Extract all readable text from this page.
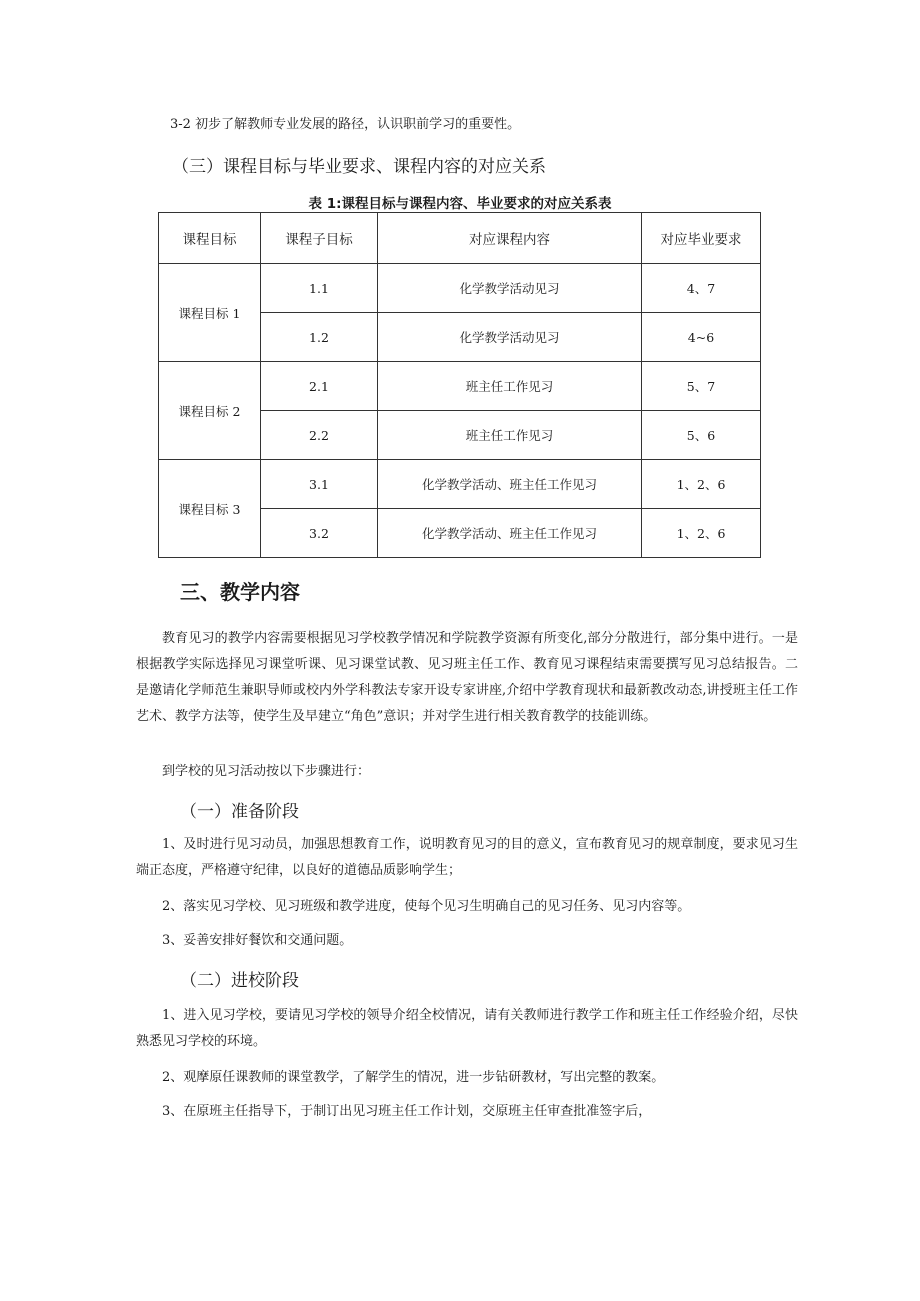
3-2 初步了解教师专业发展的路径，认识职前学习的重要性。
（三）课程目标与毕业要求、课程内容的对应关系
表 1:课程目标与课程内容、毕业要求的对应关系表
课程目标	课程子目标	对应课程内容	对应毕业要求
课程目标 1	1.1	化学教学活动见习	4、7
	1.2	化学教学活动见习	4~6
课程目标 2	2.1	班主任工作见习	5、7
	2.2	班主任工作见习	5、6
课程目标 3	3.1	化学教学活动、班主任工作见习	1、2、6
	3.2	化学教学活动、班主任工作见习	1、2、6
三、教学内容
教育见习的教学内容需要根据见习学校教学情况和学院教学资源有所变化,部分分散进行，部分集中进行。一是根据教学实际选择见习课堂听课、见习课堂试教、见习班主任工作、教育见习课程结束需要撰写见习总结报告。二是邀请化学师范生兼职导师或校内外学科教法专家开设专家讲座,介绍中学教育现状和最新教改动态,讲授班主任工作艺术、教学方法等，使学生及早建立“角色”意识；并对学生进行相关教育教学的技能训练。
到学校的见习活动按以下步骤进行：
（一）准备阶段
1、及时进行见习动员，加强思想教育工作，说明教育见习的目的意义，宣布教育见习的规章制度，要求见习生端正态度，严格遵守纪律，以良好的道德品质影响学生；
2、落实见习学校、见习班级和教学进度，使每个见习生明确自己的见习任务、见习内容等。
3、妥善安排好餐饮和交通问题。
（二）进校阶段
1、进入见习学校，要请见习学校的领导介绍全校情况，请有关教师进行教学工作和班主任工作经验介绍，尽快熟悉见习学校的环境。
2、观摩原任课教师的课堂教学，了解学生的情况，进一步钻研教材，写出完整的教案。
3、在原班主任指导下，于制订出见习班主任工作计划，交原班主任审查批准签字后，
